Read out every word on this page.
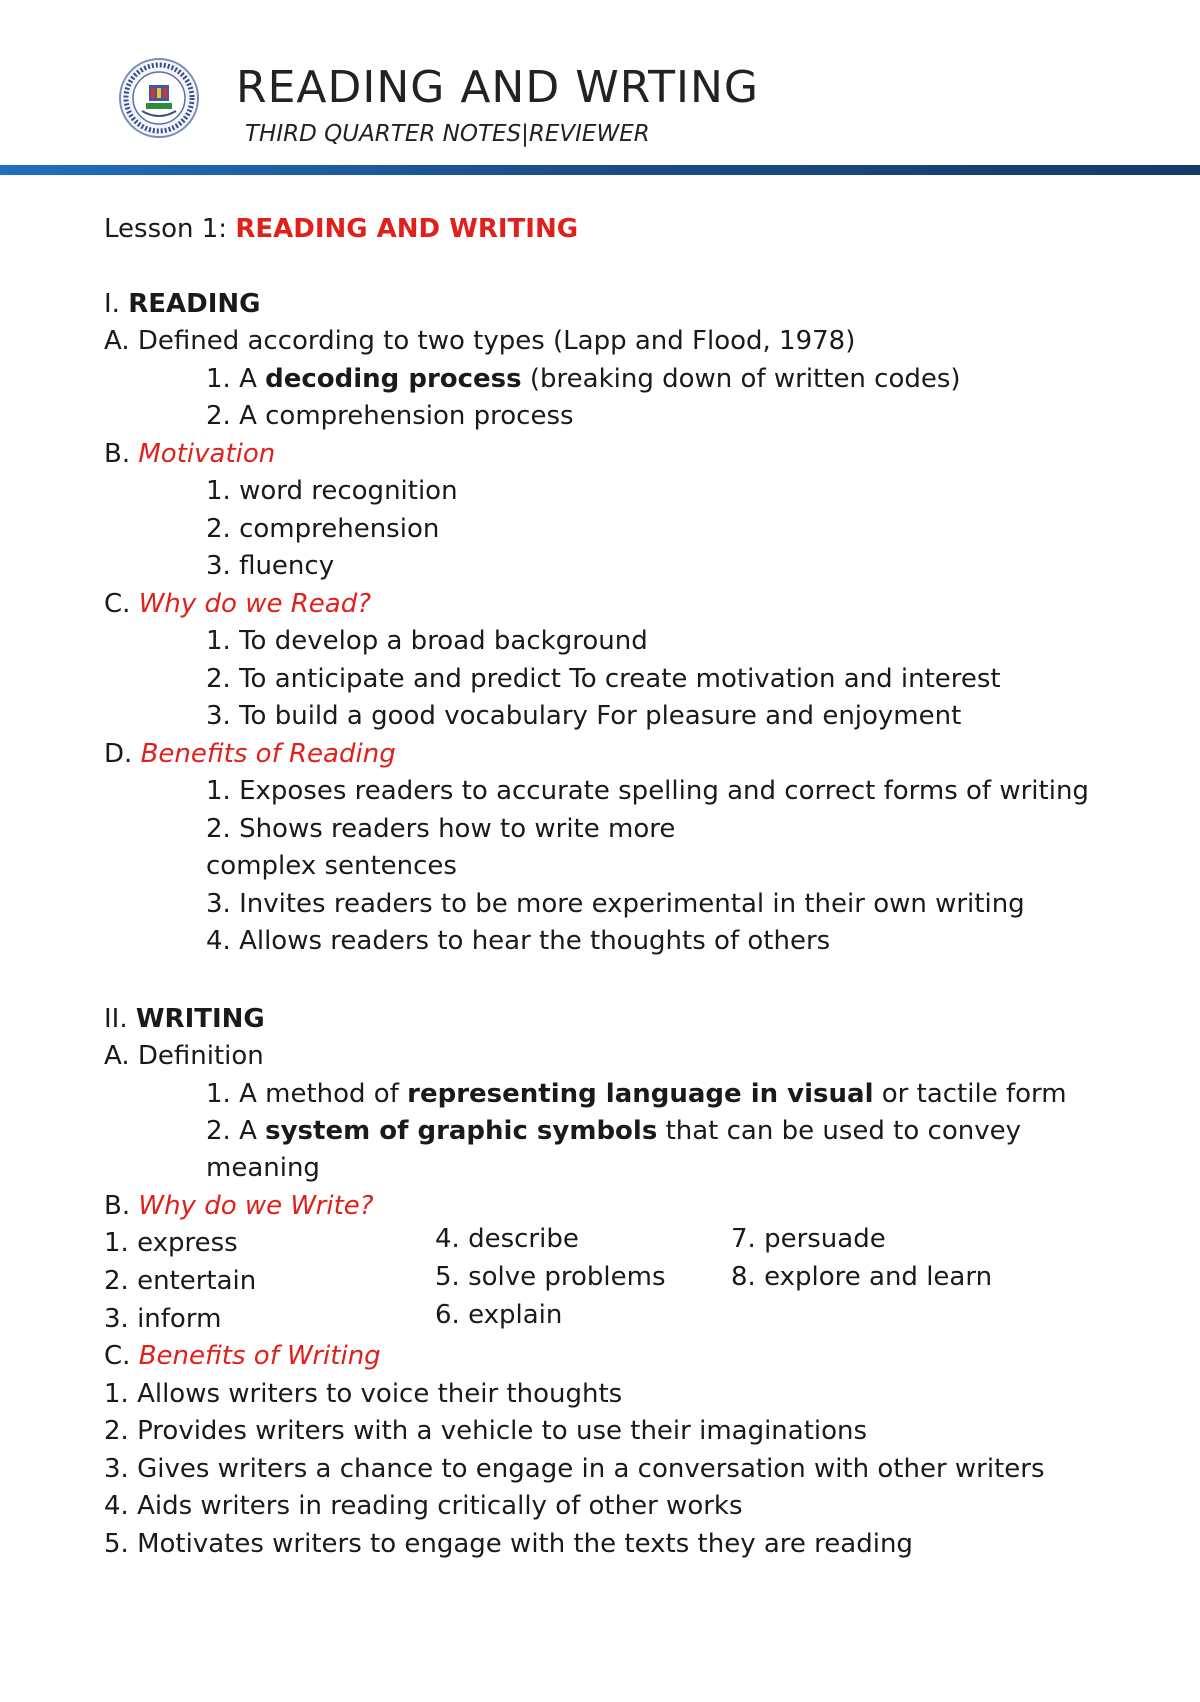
READING AND WRTING

THIRD QUARTER NOTES|REVIEWER

Lesson 1: READING AND WRITING
I. READING
A. Defined according to two types (Lapp and Flood, 1978)
1. A decoding process (breaking down of written codes)
2. A comprehension process
B. Motivation
1. word recognition
2. comprehension
3. fluency
C. Why do we Read?
1. To develop a broad background
2. To anticipate and predict To create motivation and interest
3. To build a good vocabulary For pleasure and enjoyment
D. Benefits of Reading
1. Exposes readers to accurate spelling and correct forms of writing
2. Shows readers how to write more
complex sentences
3. Invites readers to be more experimental in their own writing
4. Allows readers to hear the thoughts of others
II. WRITING
A. Definition
1. A method of representing language in visual or tactile form
2. A system of graphic symbols that can be used to convey
meaning
B. Why do we Write?
1. express
2. entertain
3. inform
4. describe
5. solve problems
6. explain
7. persuade
8. explore and learn
C. Benefits of Writing
1. Allows writers to voice their thoughts
2. Provides writers with a vehicle to use their imaginations
3. Gives writers a chance to engage in a conversation with other writers
4. Aids writers in reading critically of other works
5. Motivates writers to engage with the texts they are reading
